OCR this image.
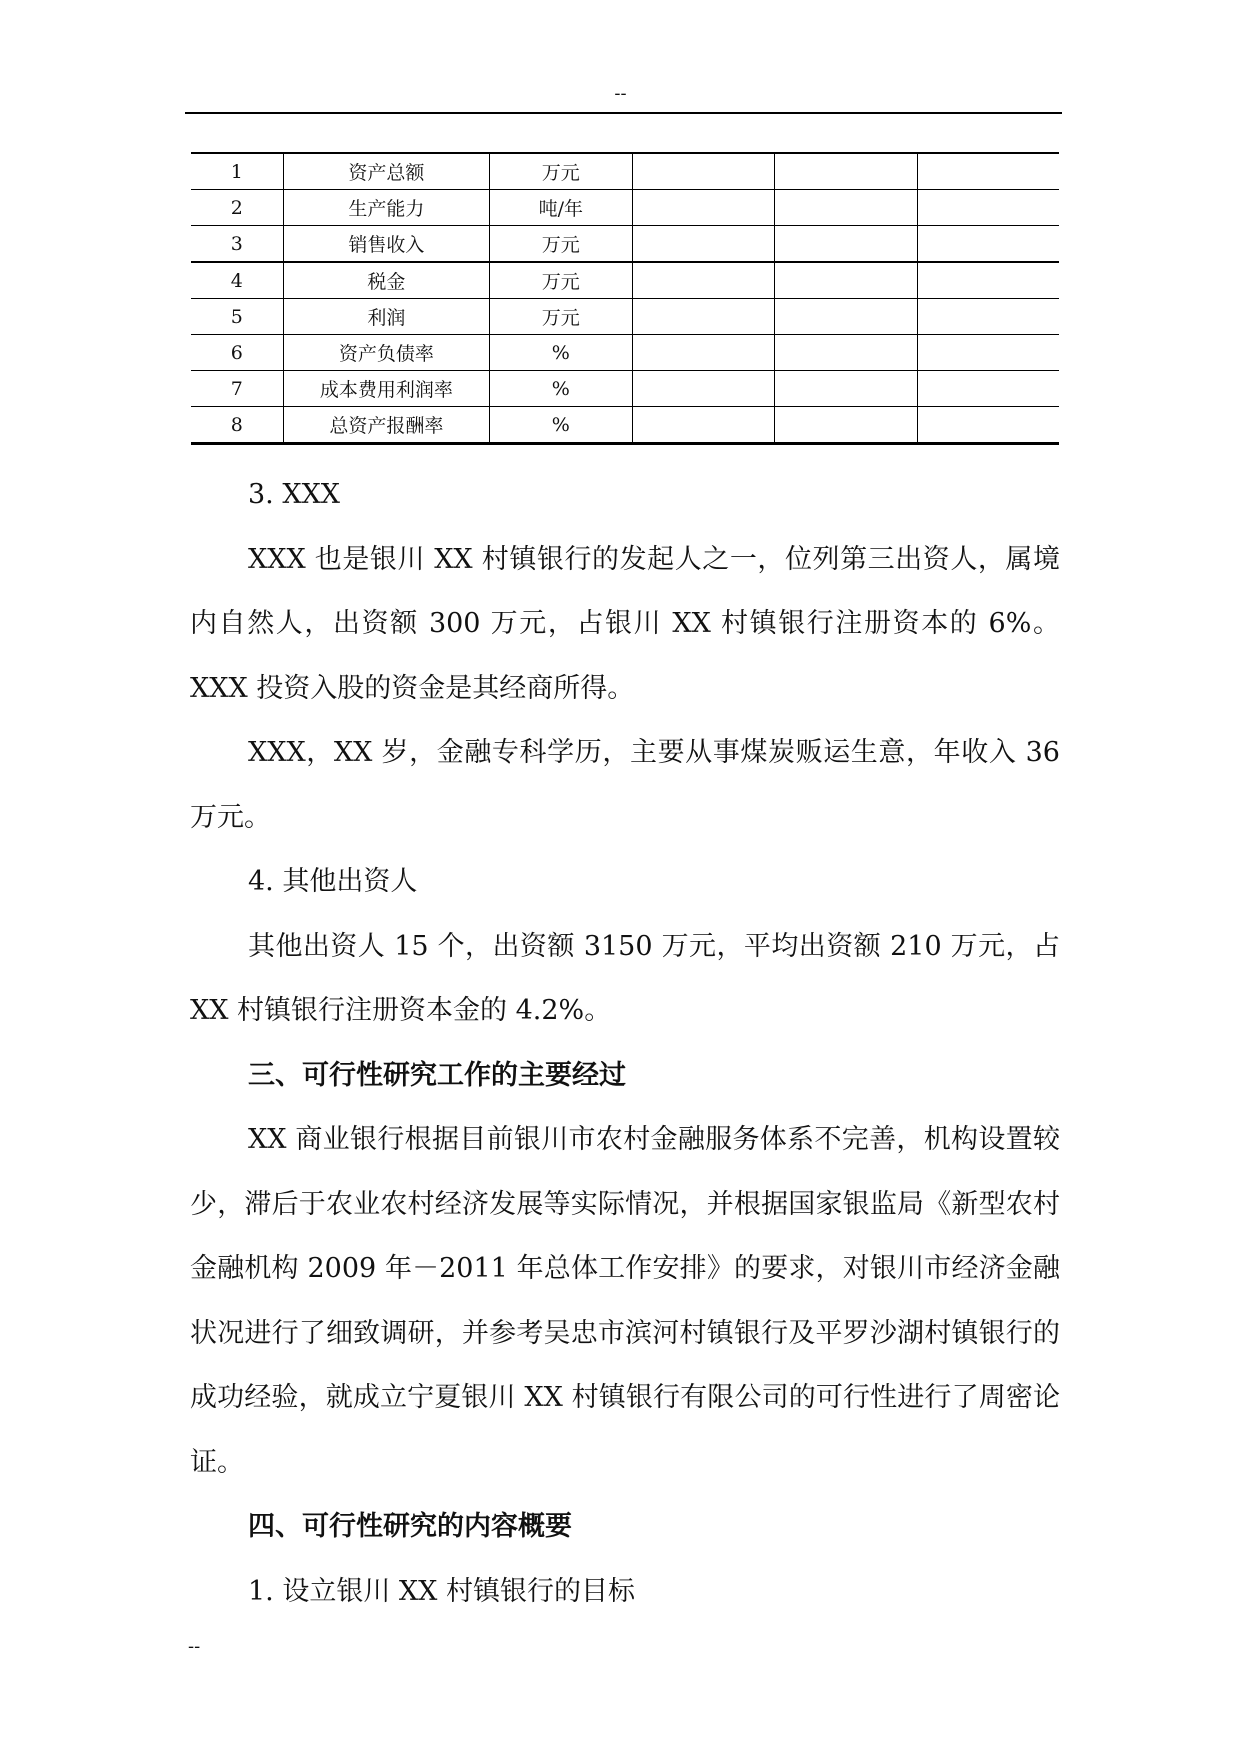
--
1	资产总额	万元			
2	生产能力	吨/年			
3	销售收入	万元			
4	税金	万元			
5	利润	万元			
6	资产负债率	%			
7	成本费用利润率	%			
8	总资产报酬率	%			

3. XXX

XXX 也是银川 XX 村镇银行的发起人之一，位列第三出资人，属境内自然人，出资额 300 万元，占银川 XX 村镇银行注册资本的 6%。XXX 投资入股的资金是其经商所得。

XXX，XX 岁，金融专科学历，主要从事煤炭贩运生意，年收入 36 万元。

4. 其他出资人

其他出资人 15 个，出资额 3150 万元，平均出资额 210 万元，占 XX 村镇银行注册资本金的 4.2%。

三、可行性研究工作的主要经过

XX 商业银行根据目前银川市农村金融服务体系不完善，机构设置较少，滞后于农业农村经济发展等实际情况，并根据国家银监局《新型农村金融机构 2009 年－2011 年总体工作安排》的要求，对银川市经济金融状况进行了细致调研，并参考吴忠市滨河村镇银行及平罗沙湖村镇银行的成功经验，就成立宁夏银川 XX 村镇银行有限公司的可行性进行了周密论证。

四、可行性研究的内容概要

1. 设立银川 XX 村镇银行的目标

--
